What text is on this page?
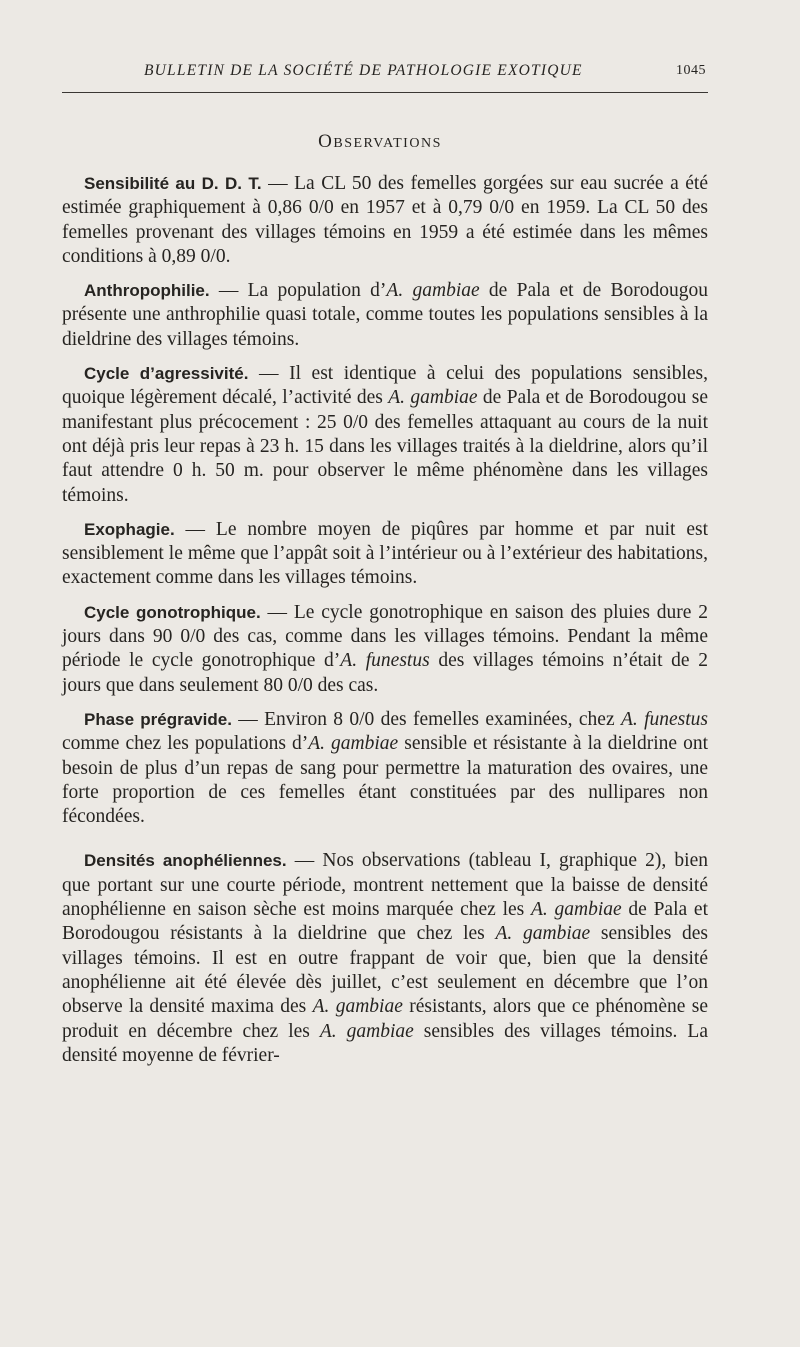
BULLETIN DE LA SOCIÉTÉ DE PATHOLOGIE EXOTIQUE	1045
OBSERVATIONS

Sensibilité au D. D. T. — La CL 50 des femelles gorgées sur eau sucrée a été estimée graphiquement à 0,86 0/0 en 1957 et à 0,79 0/0 en 1959. La CL 50 des femelles provenant des villages témoins en 1959 a été estimée dans les mêmes conditions à 0,89 0/0.

Anthropophilie. — La population d’A. gambiae de Pala et de Borodougou présente une anthrophilie quasi totale, comme toutes les populations sensibles à la dieldrine des villages témoins.

Cycle d’agressivité. — Il est identique à celui des populations sensibles, quoique légèrement décalé, l’activité des A. gambiae de Pala et de Borodougou se manifestant plus précocement : 25 0/0 des femelles attaquant au cours de la nuit ont déjà pris leur repas à 23 h. 15 dans les villages traités à la dieldrine, alors qu’il faut attendre 0 h. 50 m. pour observer le même phénomène dans les villages témoins.

Exophagie. — Le nombre moyen de piqûres par homme et par nuit est sensiblement le même que l’appât soit à l’intérieur ou à l’extérieur des habitations, exactement comme dans les villages témoins.

Cycle gonotrophique. — Le cycle gonotrophique en saison des pluies dure 2 jours dans 90 0/0 des cas, comme dans les villages témoins. Pendant la même période le cycle gonotrophique d’A. funestus des villages témoins n’était de 2 jours que dans seulement 80 0/0 des cas.

Phase prégravide. — Environ 8 0/0 des femelles examinées, chez A. funestus comme chez les populations d’A. gambiae sensible et résistante à la dieldrine ont besoin de plus d’un repas de sang pour permettre la maturation des ovaires, une forte proportion de ces femelles étant constituées par des nullipares non fécondées.

Densités anophéliennes. — Nos observations (tableau I, graphique 2), bien que portant sur une courte période, montrent nettement que la baisse de densité anophélienne en saison sèche est moins marquée chez les A. gambiae de Pala et Borodougou résistants à la dieldrine que chez les A. gambiae sensibles des villages témoins. Il est en outre frappant de voir que, bien que la densité anophélienne ait été élevée dès juillet, c’est seulement en décembre que l’on observe la densité maxima des A. gambiae résistants, alors que ce phénomène se produit en décembre chez les A. gambiae sensibles des villages témoins. La densité moyenne de février-
